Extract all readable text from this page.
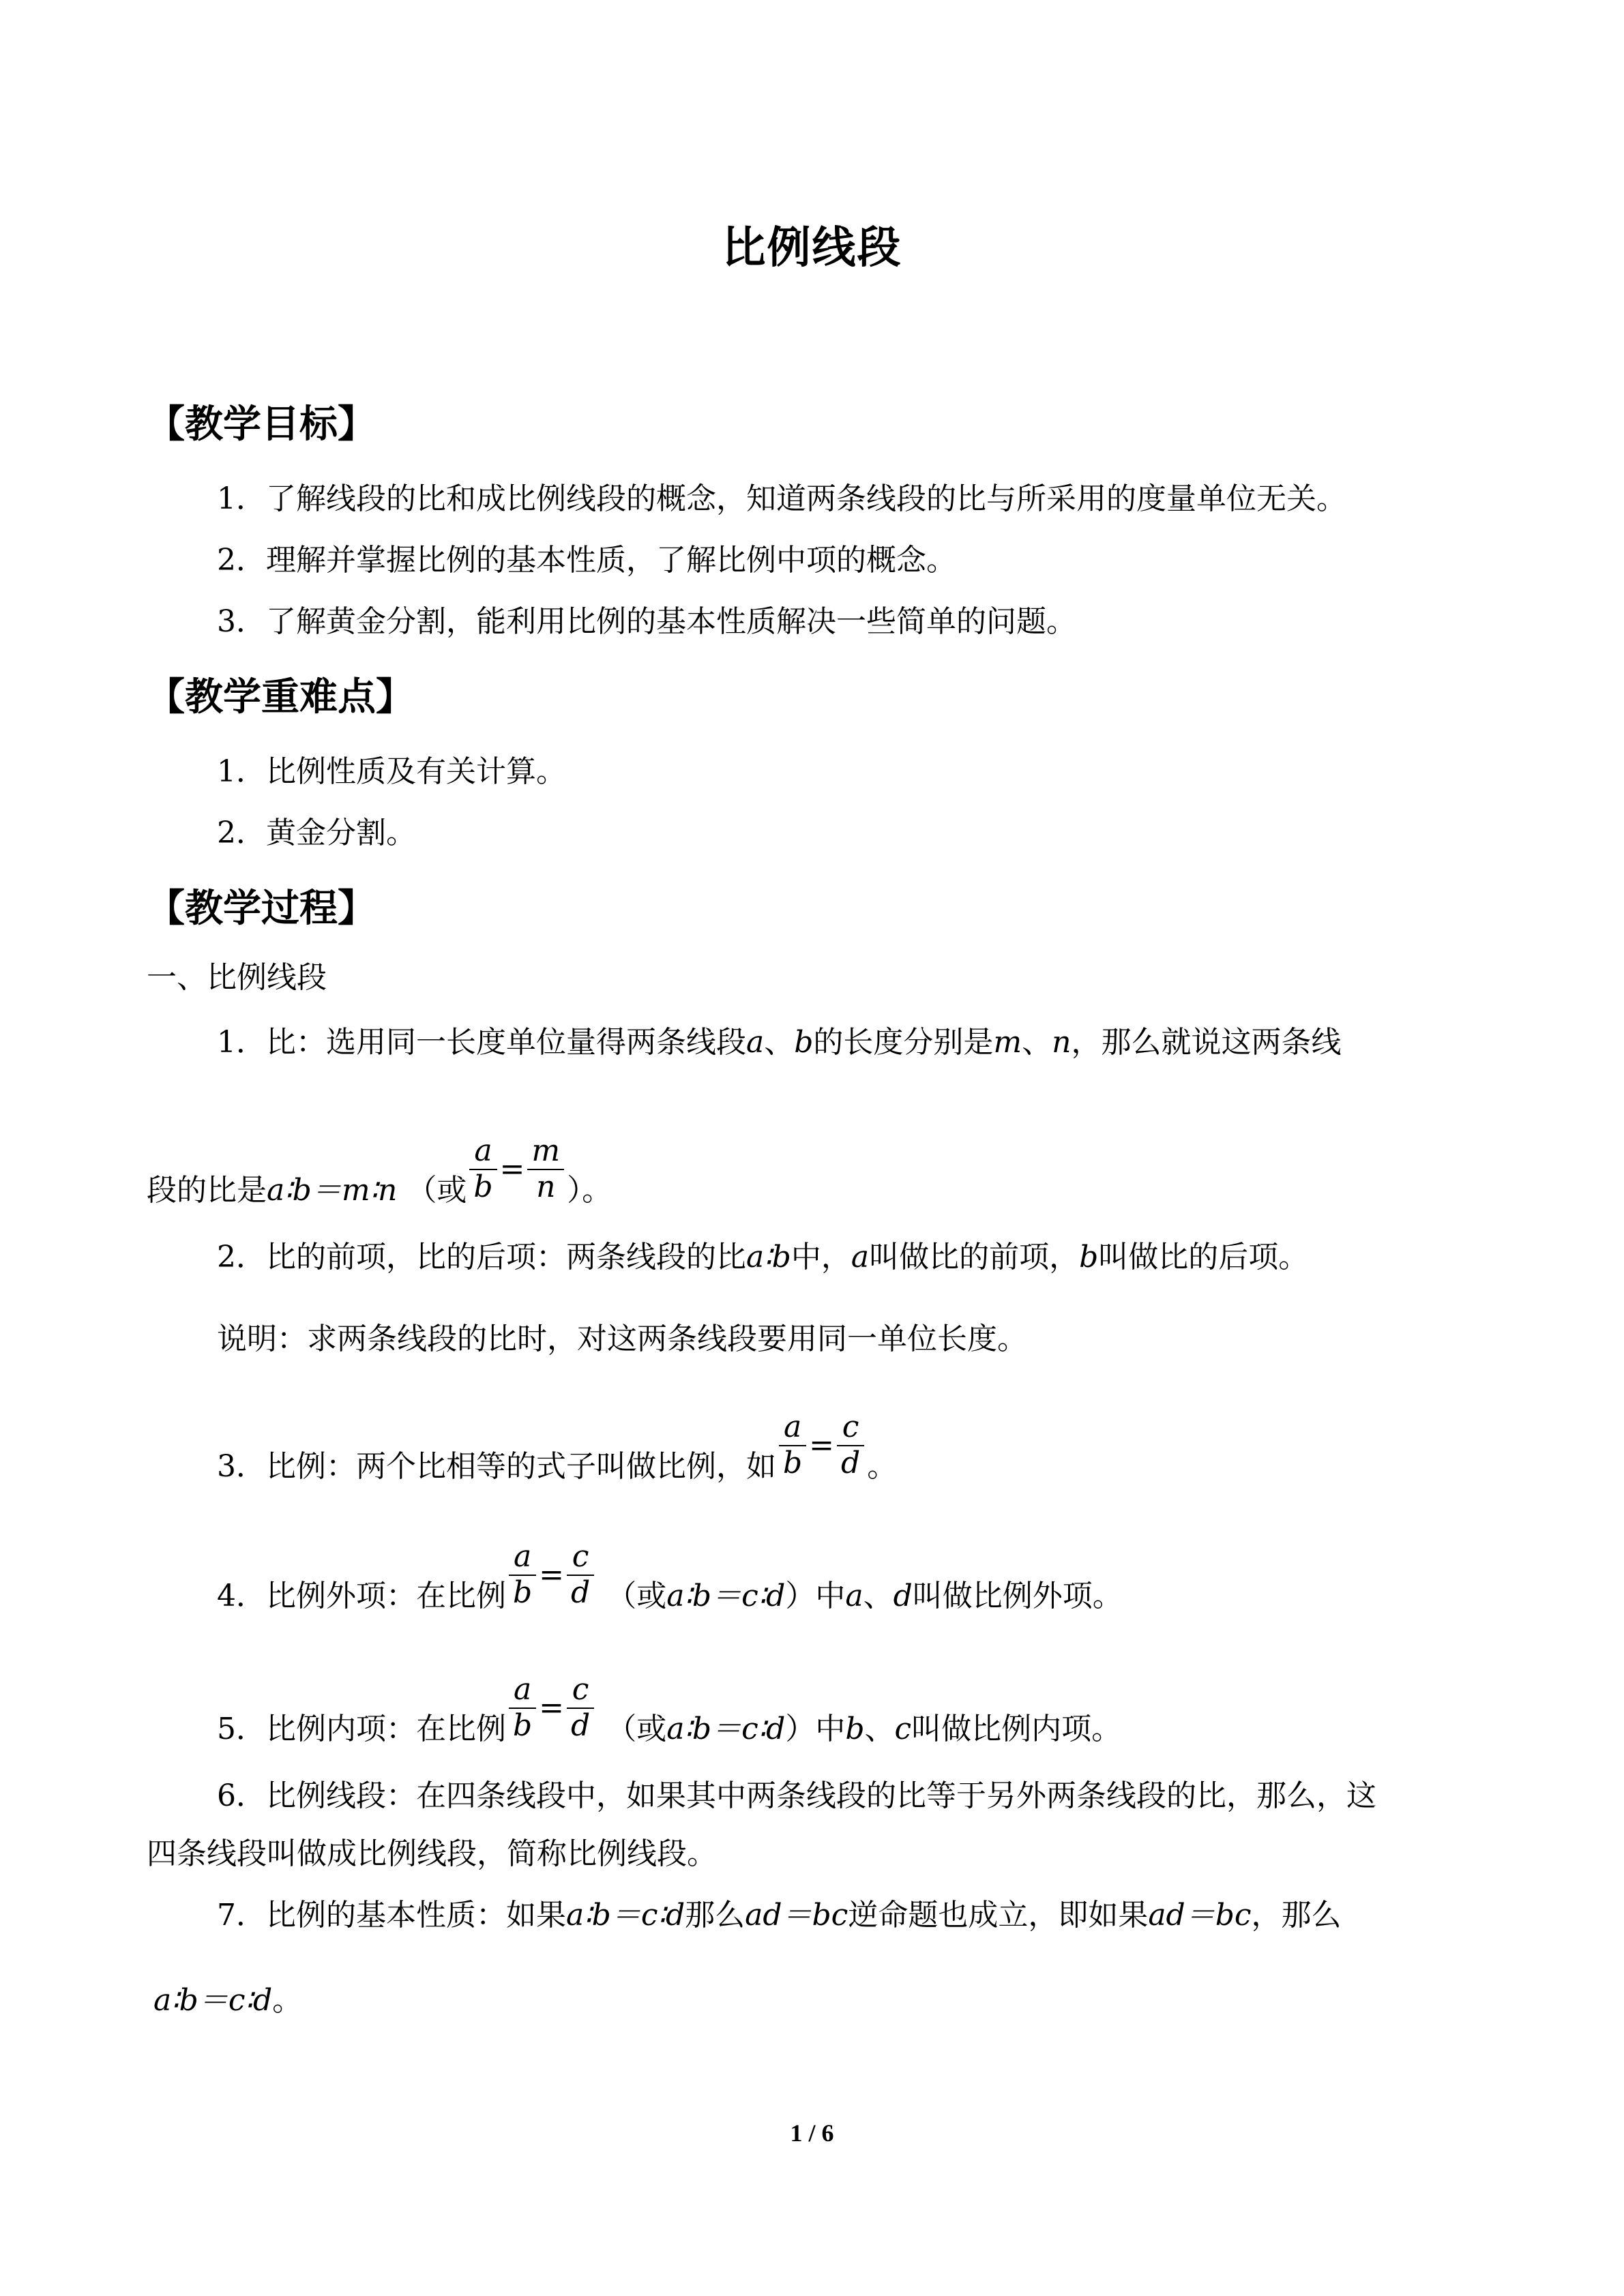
比例线段
【教学目标】
1．了解线段的比和成比例线段的概念，知道两条线段的比与所采用的度量单位无关。
2．理解并掌握比例的基本性质，了解比例中项的概念。
3．了解黄金分割，能利用比例的基本性质解决一些简单的问题。
【教学重难点】
1．比例性质及有关计算。
2．黄金分割。
【教学过程】
一、比例线段
1．比：选用同一长度单位量得两条线段a、b的长度分别是m、n，那么就说这两条线
段的比是a∶b＝m∶n （或 $\frac{a}{b} = \frac{m}{n}$ ）。
2．比的前项，比的后项：两条线段的比a∶b中，a叫做比的前项，b叫做比的后项。
说明：求两条线段的比时，对这两条线段要用同一单位长度。
3．比例：两个比相等的式子叫做比例，如 $\frac{a}{b} = \frac{c}{d}$ 。
4．比例外项：在比例 $\frac{a}{b} = \frac{c}{d}$ （或a∶b＝c∶d）中a、d叫做比例外项。
5．比例内项：在比例 $\frac{a}{b} = \frac{c}{d}$ （或a∶b＝c∶d）中b、c叫做比例内项。
6．比例线段：在四条线段中，如果其中两条线段的比等于另外两条线段的比，那么，这
四条线段叫做成比例线段，简称比例线段。
7．比例的基本性质：如果a∶b＝c∶d那么ad＝bc逆命题也成立，即如果ad＝bc，那么
a∶b＝c∶d。
1 / 6
